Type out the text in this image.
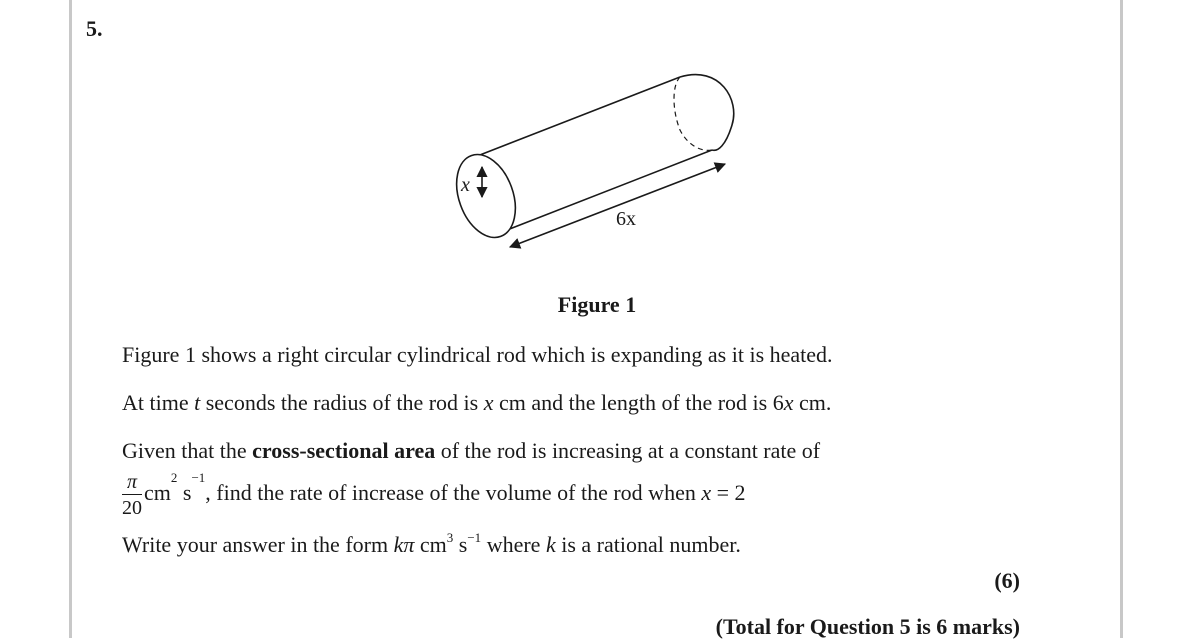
5.
x
6x
Figure 1
Figure 1 shows a right circular cylindrical rod which is expanding as it is heated.
At time t seconds the radius of the rod is x cm and the length of the rod is 6x cm.
Given that the cross-sectional area of the rod is increasing at a constant rate of
$\frac{\pi}{20} cm^2$ $s^{-1}$, find the rate of increase of the volume of the rod when x = 2
Write your answer in the form kπ $cm^3$ $s^{-1}$ where k is a rational number.
(6)
(Total for Question 5 is 6 marks)
